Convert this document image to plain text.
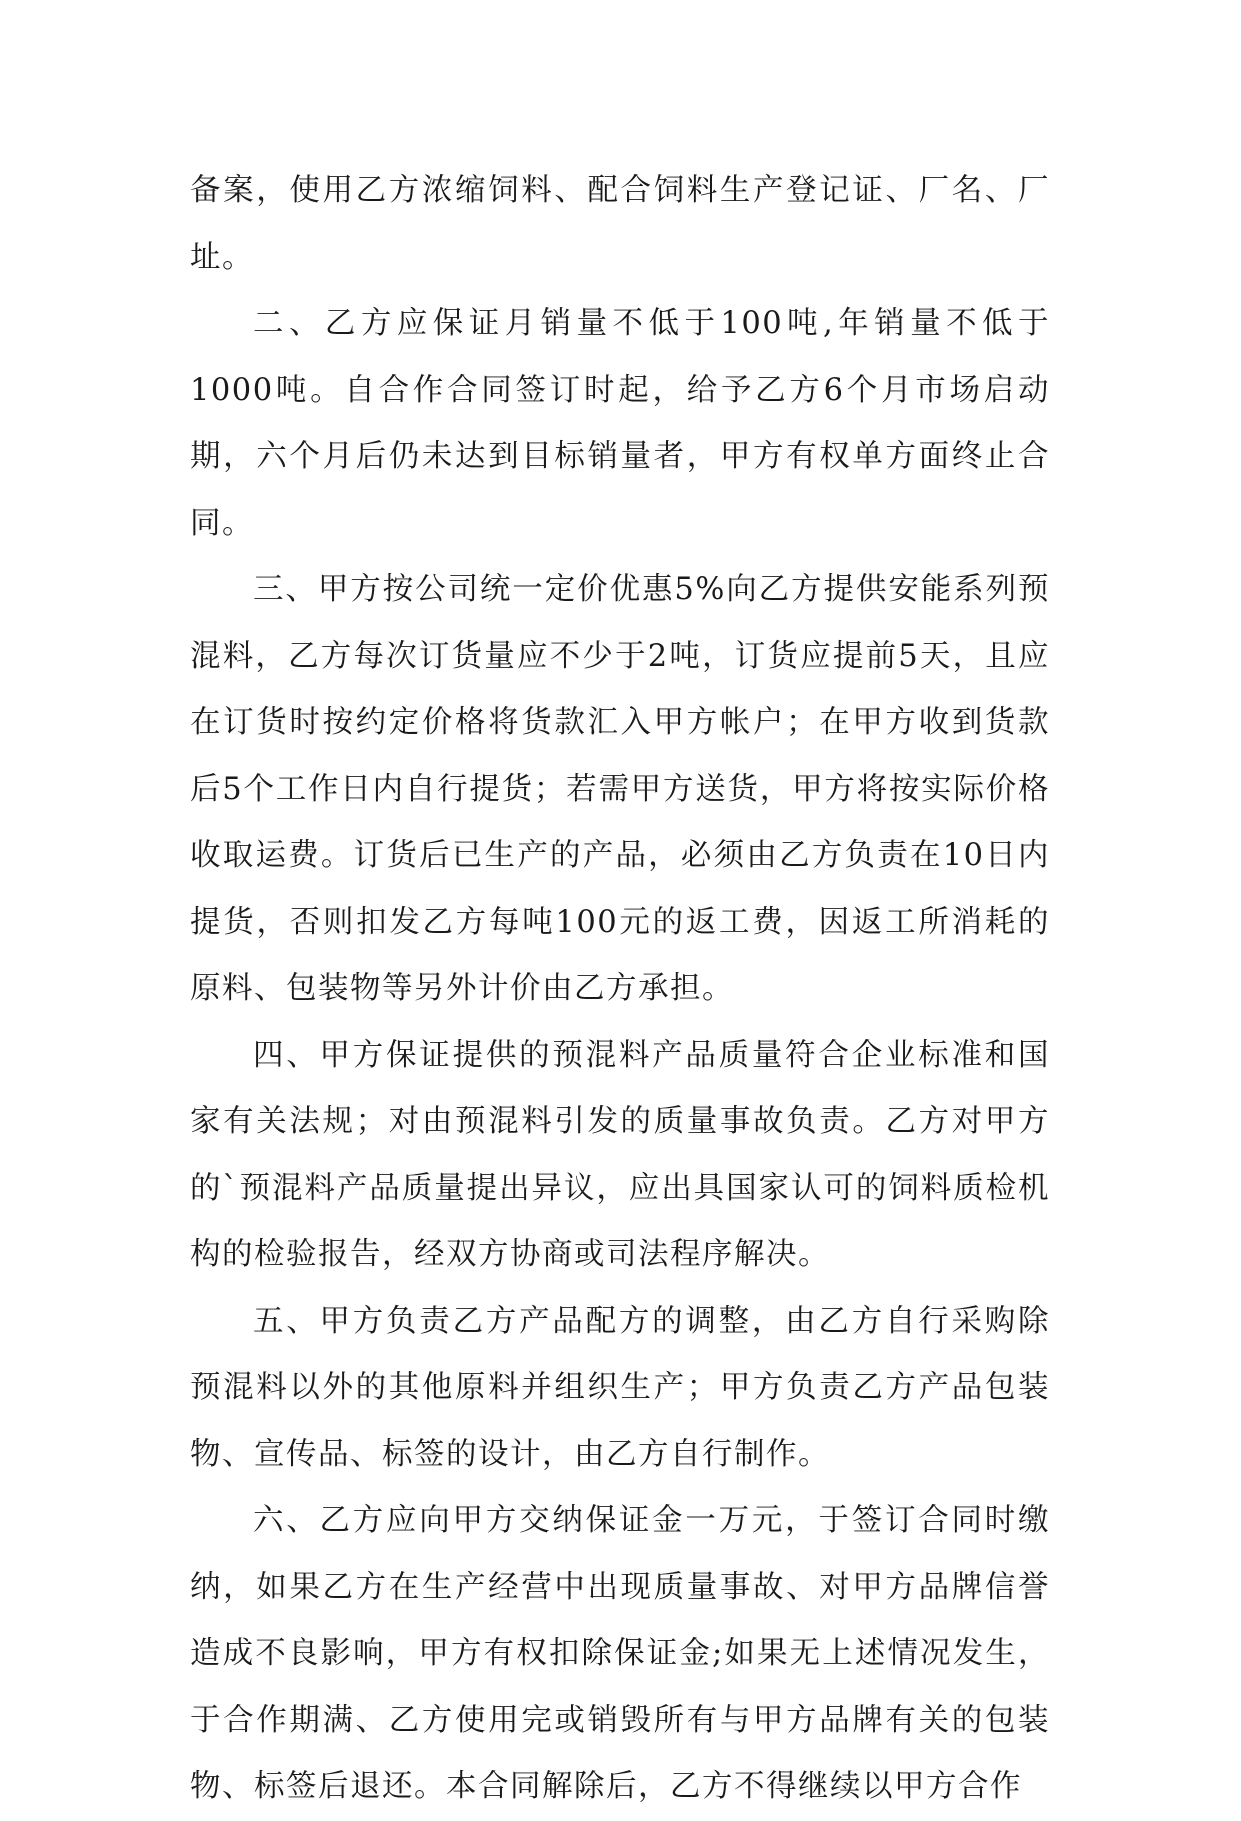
备案，使用乙方浓缩饲料、配合饲料生产登记证、厂名、厂址。

二、乙方应保证月销量不低于100吨,年销量不低于1000吨。自合作合同签订时起，给予乙方6个月市场启动期，六个月后仍未达到目标销量者，甲方有权单方面终止合同。

三、甲方按公司统一定价优惠5%向乙方提供安能系列预混料，乙方每次订货量应不少于2吨，订货应提前5天，且应在订货时按约定价格将货款汇入甲方帐户；在甲方收到货款后5个工作日内自行提货；若需甲方送货，甲方将按实际价格收取运费。订货后已生产的产品，必须由乙方负责在10日内提货，否则扣发乙方每吨100元的返工费，因返工所消耗的原料、包装物等另外计价由乙方承担。

四、甲方保证提供的预混料产品质量符合企业标准和国家有关法规；对由预混料引发的质量事故负责。乙方对甲方的`预混料产品质量提出异议，应出具国家认可的饲料质检机构的检验报告，经双方协商或司法程序解决。

五、甲方负责乙方产品配方的调整，由乙方自行采购除预混料以外的其他原料并组织生产；甲方负责乙方产品包装物、宣传品、标签的设计，由乙方自行制作。

六、乙方应向甲方交纳保证金一万元，于签订合同时缴纳，如果乙方在生产经营中出现质量事故、对甲方品牌信誉造成不良影响，甲方有权扣除保证金;如果无上述情况发生，于合作期满、乙方使用完或销毁所有与甲方品牌有关的包装物、标签后退还。本合同解除后，乙方不得继续以甲方合作
